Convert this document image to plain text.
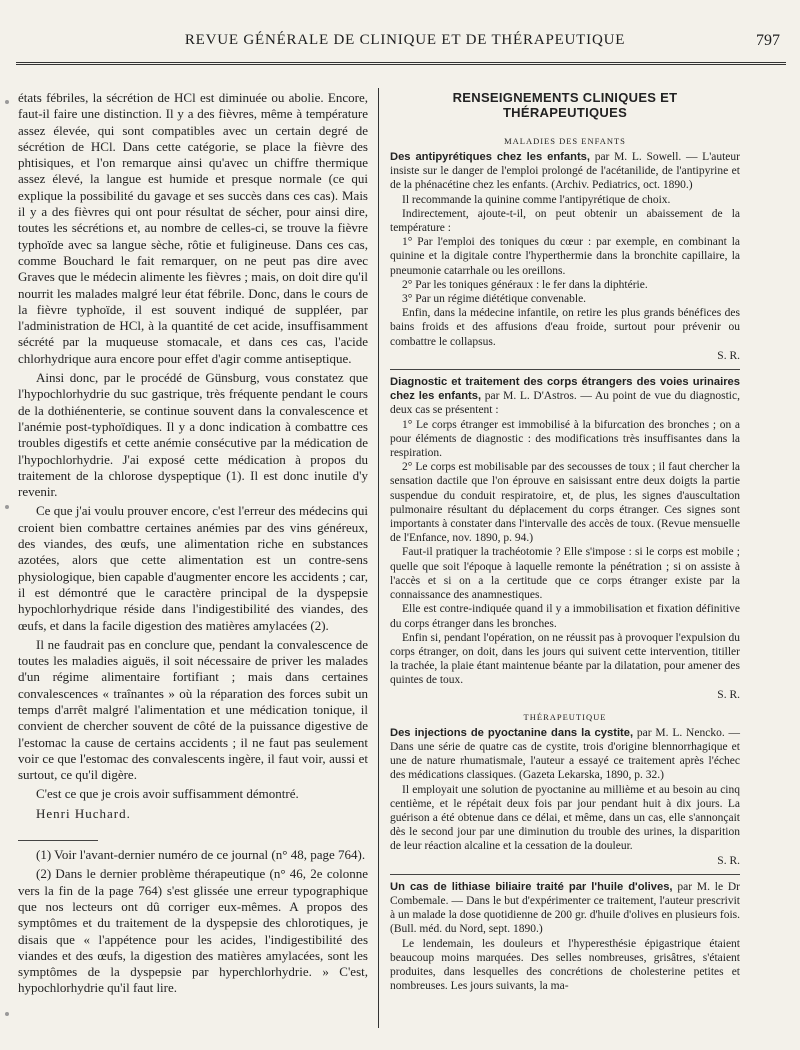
REVUE GÉNÉRALE DE CLINIQUE ET DE THÉRAPEUTIQUE	797

états fébriles, la sécrétion de HCl est diminuée ou abolie. Encore, faut-il faire une distinction. Il y a des fièvres, même à température assez élevée, qui sont compatibles avec un certain degré de sécrétion de HCl. Dans cette catégorie, se place la fièvre des phtisiques, et l'on remarque ainsi qu'avec un chiffre thermique assez élevé, la langue est humide et presque normale (ce qui explique la possibilité du gavage et ses succès dans ces cas). Mais il y a des fièvres qui ont pour résultat de sécher, pour ainsi dire, toutes les sécrétions et, au nombre de celles-ci, se trouve la fièvre typhoïde avec sa langue sèche, rôtie et fuligineuse. Dans ces cas, comme Bouchard le fait remarquer, on ne peut pas dire avec Graves que le médecin alimente les fièvres ; mais, on doit dire qu'il nourrit les malades malgré leur état fébrile. Donc, dans le cours de la fièvre typhoïde, il est souvent indiqué de suppléer, par l'administration de HCl, à la quantité de cet acide, insuffisamment sécrété par la muqueuse stomacale, et dans ces cas, l'acide chlorhydrique aura encore pour effet d'agir comme antiseptique.

Ainsi donc, par le procédé de Günsburg, vous constatez que l'hypochlorhydrie du suc gastrique, très fréquente pendant le cours de la dothiénenterie, se continue souvent dans la convalescence et l'anémie post-typhoïdiques. Il y a donc indication à combattre ces troubles digestifs et cette anémie consécutive par la médication de l'hypochlorhydrie. J'ai exposé cette médication à propos du traitement de la chlorose dyspeptique (1). Il est donc inutile d'y revenir.

Ce que j'ai voulu prouver encore, c'est l'erreur des médecins qui croient bien combattre certaines anémies par des vins généreux, des viandes, des œufs, une alimentation riche en substances azotées, alors que cette alimentation est un contre-sens physiologique, bien capable d'augmenter encore les accidents ; car, il est démontré que le caractère principal de la dyspepsie hypochlorhydrique réside dans l'indigestibilité des viandes, des œufs, et dans la facile digestion des matières amylacées (2).

Il ne faudrait pas en conclure que, pendant la convalescence de toutes les maladies aiguës, il soit nécessaire de priver les malades d'un régime alimentaire fortifiant ; mais dans certaines convalescences « traînantes » où la réparation des forces subit un temps d'arrêt malgré l'alimentation et une médication tonique, il convient de chercher souvent de côté de la puissance digestive de l'estomac la cause de certains accidents ; il ne faut pas seulement voir ce que l'estomac des convalescents ingère, il faut voir, aussi et surtout, ce qu'il digère.

C'est ce que je crois avoir suffisamment démontré.

Henri Huchard.

(1) Voir l'avant-dernier numéro de ce journal (n° 48, page 764).

(2) Dans le dernier problème thérapeutique (n° 46, 2e colonne vers la fin de la page 764) s'est glissée une erreur typographique que nos lecteurs ont dû corriger eux-mêmes. A propos des symptômes et du traitement de la dyspepsie des chlorotiques, je disais que « l'appétence pour les acides, l'indigestibilité des viandes et des œufs, la digestion des matières amylacées, sont les symptômes de la dyspepsie par hyperchlorhydrie. » C'est, hypochlorhydrie qu'il faut lire.

RENSEIGNEMENTS CLINIQUES ET THÉRAPEUTIQUES
MALADIES DES ENFANTS

Des antipyrétiques chez les enfants, par M. L. Sowell. — L'auteur insiste sur le danger de l'emploi prolongé de l'acétanilide, de l'antipyrine et de la phénacétine chez les enfants. (Archiv. Pediatrics, oct. 1890.)

Il recommande la quinine comme l'antipyrétique de choix.

Indirectement, ajoute-t-il, on peut obtenir un abaissement de la température :

1° Par l'emploi des toniques du cœur : par exemple, en combinant la quinine et la digitale contre l'hyperthermie dans la bronchite capillaire, la pneumonie catarrhale ou les oreillons.

2° Par les toniques généraux : le fer dans la diphtérie.

3° Par un régime diététique convenable.

Enfin, dans la médecine infantile, on retire les plus grands bénéfices des bains froids et des affusions d'eau froide, surtout pour prévenir ou combattre le collapsus.

S. R.

Diagnostic et traitement des corps étrangers des voies urinaires chez les enfants, par M. L. D'Astros. — Au point de vue du diagnostic, deux cas se présentent :

1° Le corps étranger est immobilisé à la bifurcation des bronches ; on a pour éléments de diagnostic : des modifications très insuffisantes dans la respiration.

2° Le corps est mobilisable par des secousses de toux ; il faut chercher la sensation dactile que l'on éprouve en saisissant entre deux doigts la partie suspendue du conduit respiratoire, et, de plus, les signes d'auscultation pulmonaire résultant du déplacement du corps étranger. Ces signes sont importants à constater dans l'intervalle des accès de toux. (Revue mensuelle de l'Enfance, nov. 1890, p. 94.)

Faut-il pratiquer la trachéotomie ? Elle s'impose : si le corps est mobile ; quelle que soit l'époque à laquelle remonte la pénétration ; si on assiste à l'accès et si on a la certitude que ce corps étranger existe par la connaissance des anamnestiques.

Elle est contre-indiquée quand il y a immobilisation et fixation définitive du corps étranger dans les bronches.

Enfin si, pendant l'opération, on ne réussit pas à provoquer l'expulsion du corps étranger, on doit, dans les jours qui suivent cette intervention, titiller la trachée, la plaie étant maintenue béante par la dilatation, pour amener des quintes de toux.

S. R.

THÉRAPEUTIQUE

Des injections de pyoctanine dans la cystite, par M. L. Nencko. — Dans une série de quatre cas de cystite, trois d'origine blennorrhagique et une de nature rhumatismale, l'auteur a essayé ce traitement après l'échec des médications classiques. (Gazeta Lekarska, 1890, p. 32.)

Il employait une solution de pyoctanine au millième et au besoin au cinq centième, et le répétait deux fois par jour pendant huit à dix jours. La guérison a été obtenue dans ce délai, et même, dans un cas, elle s'annonçait dès le second jour par une diminution du trouble des urines, la disparition de leur réaction alcaline et la cessation de la douleur.

S. R.

Un cas de lithiase biliaire traité par l'huile d'olives, par M. le Dr Combemale. — Dans le but d'expérimenter ce traitement, l'auteur prescrivit à un malade la dose quotidienne de 200 gr. d'huile d'olives en plusieurs fois. (Bull. méd. du Nord, sept. 1890.)

Le lendemain, les douleurs et l'hyperesthésie épigastrique étaient beaucoup moins marquées. Des selles nombreuses, grisâtres, s'étaient produites, dans lesquelles des concrétions de cholesterine petites et nombreuses. Les jours suivants, la ma-
